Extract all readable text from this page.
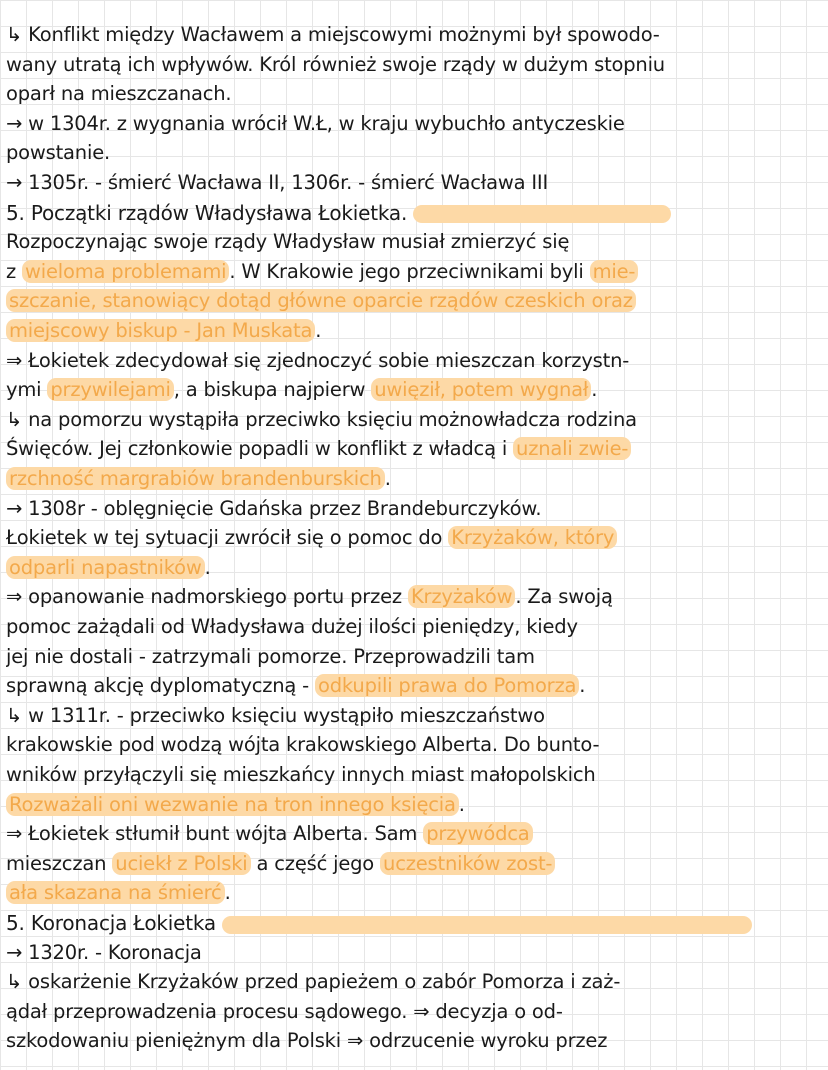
↳ Konflikt między Wacławem a miejscowymi możnymi był spowodo-
wany utratą ich wpływów. Król również swoje rządy w dużym stopniu
oparł na mieszczanach.
→ w 1304r. z wygnania wrócił W.Ł, w kraju wybuchło antyczeskie
powstanie.
→ 1305r. - śmierć Wacława II, 1306r. - śmierć Wacława III
5. Początki rządów Władysława Łokietka.
Rozpoczynając swoje rządy Władysław musiał zmierzyć się
z wieloma problemami . W Krakowie jego przeciwnikami byli mie-
szczanie, stanowiący dotąd główne oparcie rządów czeskich oraz
miejscowy biskup - Jan Muskata .
⇒ Łokietek zdecydował się zjednoczyć sobie mieszczan korzystn-
ymi przywilejami , a biskupa najpierw uwięził, potem wygnał .
↳ na pomorzu wystąpiła przeciwko księciu możnowładcza rodzina
Święców. Jej członkowie popadli w konflikt z władcą i uznali zwie-
rzchność margrabiów brandenburskich .
→ 1308r - oblęgnięcie Gdańska przez Brandeburczyków.
Łokietek w tej sytuacji zwrócił się o pomoc do Krzyżaków, który
odparli napastników .
⇒ opanowanie nadmorskiego portu przez Krzyżaków . Za swoją
pomoc zażądali od Władysława dużej ilości pieniędzy, kiedy
jej nie dostali - zatrzymali pomorze. Przeprowadzili tam
sprawną akcję dyplomatyczną - odkupili prawa do Pomorza .
↳ w 1311r. - przeciwko księciu wystąpiło mieszczaństwo
krakowskie pod wodzą wójta krakowskiego Alberta. Do bunto-
wników przyłączyli się mieszkańcy innych miast małopolskich
Rozważali oni wezwanie na tron innego księcia .
⇒ Łokietek stłumił bunt wójta Alberta. Sam przywódca
mieszczan uciekł z Polski a część jego uczestników zost-
ała skazana na śmierć .
5. Koronacja Łokietka
→ 1320r. - Koronacja
↳ oskarżenie Krzyżaków przed papieżem o zabór Pomorza i zaż-
ądał przeprowadzenia procesu sądowego. ⇒ decyzja o od-
szkodowaniu pieniężnym dla Polski ⇒ odrzucenie wyroku przez
